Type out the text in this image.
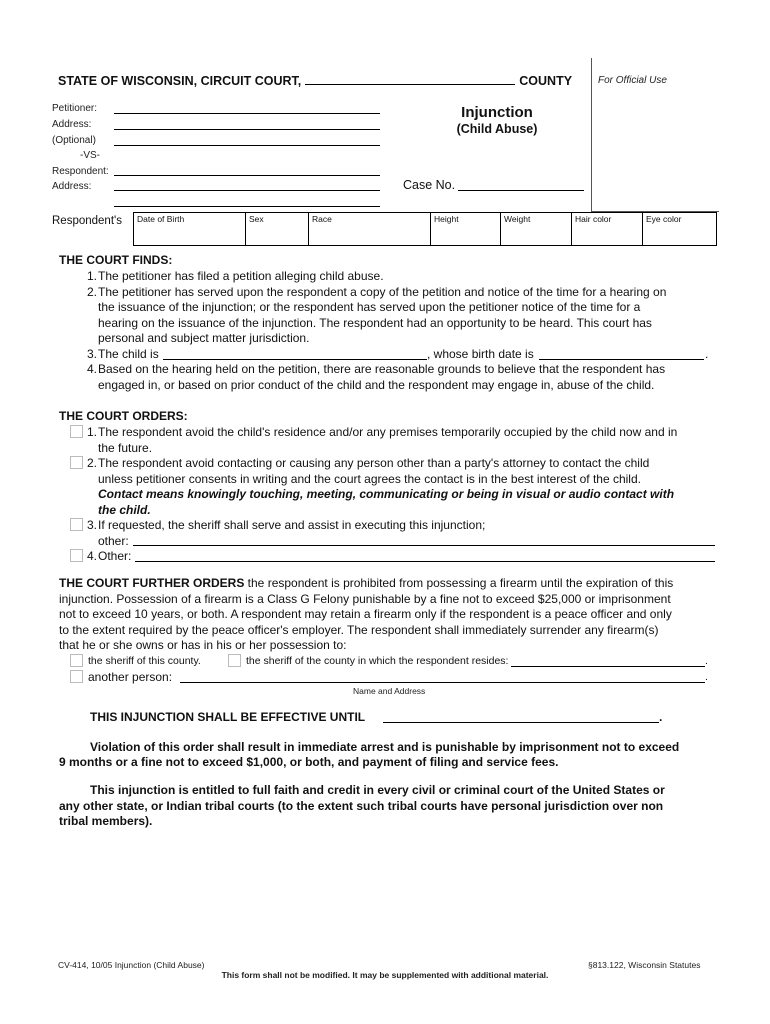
STATE OF WISCONSIN, CIRCUIT COURT,	COUNTY	For Official Use
Petitioner:
Address:
(Optional)
-VS-
Respondent:
Address:
Injunction
(Child Abuse)
Case No.
Respondent's Date of Birth	Sex	Race	Height	Weight	Hair color	Eye color
THE COURT FINDS:
1. The petitioner has filed a petition alleging child abuse.
2. The petitioner has served upon the respondent a copy of the petition and notice of the time for a hearing on
the issuance of the injunction; or the respondent has served upon the petitioner notice of the time for a
hearing on the issuance of the injunction. The respondent had an opportunity to be heard. This court has
personal and subject matter jurisdiction.
3. The child is	, whose birth date is	.
4. Based on the hearing held on the petition, there are reasonable grounds to believe that the respondent has
engaged in, or based on prior conduct of the child and the respondent may engage in, abuse of the child.
THE COURT ORDERS:
1. The respondent avoid the child's residence and/or any premises temporarily occupied by the child now and in
the future.
2. The respondent avoid contacting or causing any person other than a party's attorney to contact the child
unless petitioner consents in writing and the court agrees the contact is in the best interest of the child.
Contact means knowingly touching, meeting, communicating or being in visual or audio contact with
the child.
3. If requested, the sheriff shall serve and assist in executing this injunction;
other:
4. Other:
THE COURT FURTHER ORDERS the respondent is prohibited from possessing a firearm until the expiration of this
injunction. Possession of a firearm is a Class G Felony punishable by a fine not to exceed $25,000 or imprisonment
not to exceed 10 years, or both. A respondent may retain a firearm only if the respondent is a peace officer and only
to the extent required by the peace officer's employer. The respondent shall immediately surrender any firearm(s)
that he or she owns or has in his or her possession to:
the sheriff of this county.	the sheriff of the county in which the respondent resides:	.
another person:	.
Name and Address
THIS INJUNCTION SHALL BE EFFECTIVE UNTIL	.
Violation of this order shall result in immediate arrest and is punishable by imprisonment not to exceed
9 months or a fine not to exceed $1,000, or both, and payment of filing and service fees.
This injunction is entitled to full faith and credit in every civil or criminal court of the United States or
any other state, or Indian tribal courts (to the extent such tribal courts have personal jurisdiction over non
tribal members).
CV-414, 10/05 Injunction (Child Abuse)	§813.122, Wisconsin Statutes
This form shall not be modified. It may be supplemented with additional material.
